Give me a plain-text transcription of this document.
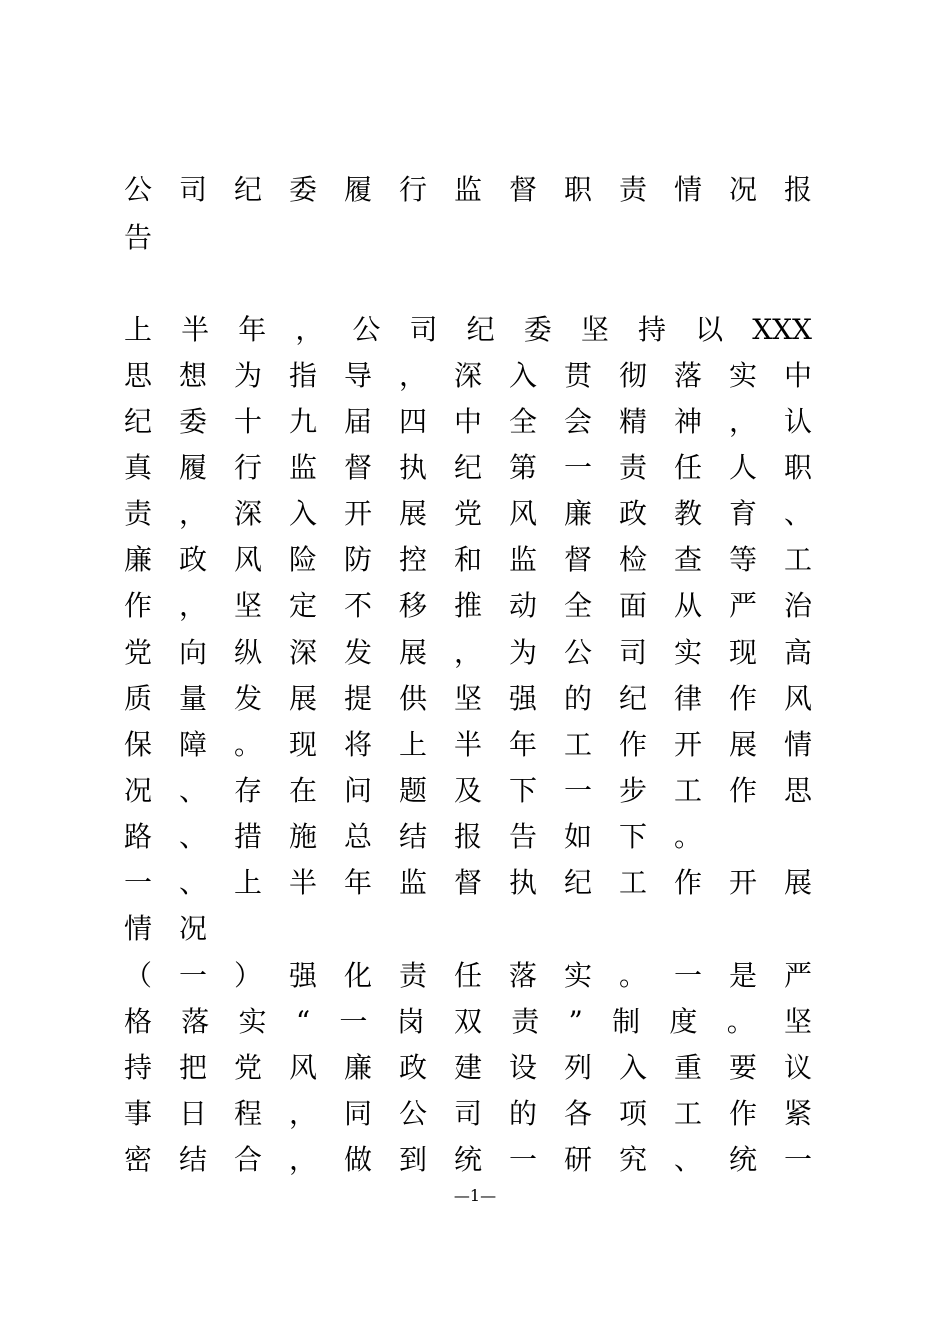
公司纪委履行监督职责情况报
告
上半年，公司纪委坚持以XXX
思想为指导，深入贯彻落实中
纪委十九届四中全会精神，认
真履行监督执纪第一责任人职
责，深入开展党风廉政教育、
廉政风险防控和监督检查等工
作，坚定不移推动全面从严治
党向纵深发展，为公司实现高
质量发展提供坚强的纪律作风
保障。现将上半年工作开展情
况、存在问题及下一步工作思
路、措施总结报告如下。
一、上半年监督执纪工作开展
情况
（一）强化责任落实。一是严
格落实“一岗双责”制度。坚
持把党风廉政建设列入重要议
事日程，同公司的各项工作紧
密结合，做到统一研究、统一
—1—
